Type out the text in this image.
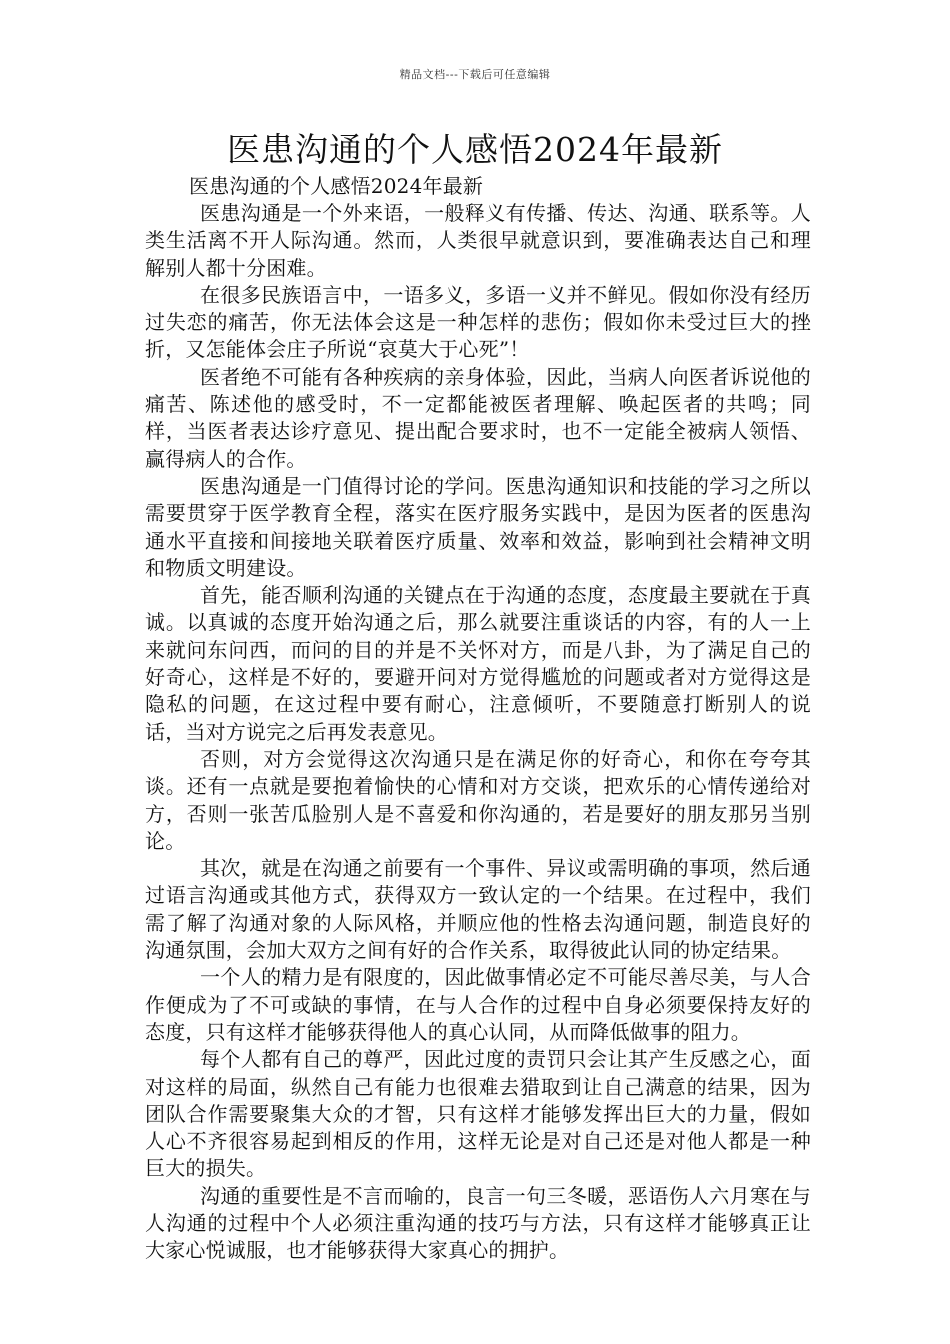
精品文档---下载后可任意编辑
医患沟通的个人感悟2024年最新

医患沟通的个人感悟2024年最新

医患沟通是一个外来语，一般释义有传播、传达、沟通、联系等。人类生活离不开人际沟通。然而，人类很早就意识到，要准确表达自己和理解别人都十分困难。

在很多民族语言中，一语多义，多语一义并不鲜见。假如你没有经历过失恋的痛苦，你无法体会这是一种怎样的悲伤；假如你未受过巨大的挫折，又怎能体会庄子所说“哀莫大于心死”！

医者绝不可能有各种疾病的亲身体验，因此，当病人向医者诉说他的痛苦、陈述他的感受时，不一定都能被医者理解、唤起医者的共鸣；同样，当医者表达诊疗意见、提出配合要求时，也不一定能全被病人领悟、赢得病人的合作。

医患沟通是一门值得讨论的学问。医患沟通知识和技能的学习之所以需要贯穿于医学教育全程，落实在医疗服务实践中，是因为医者的医患沟通水平直接和间接地关联着医疗质量、效率和效益，影响到社会精神文明和物质文明建设。

首先，能否顺利沟通的关键点在于沟通的态度，态度最主要就在于真诚。以真诚的态度开始沟通之后，那么就要注重谈话的内容，有的人一上来就问东问西，而问的目的并是不关怀对方，而是八卦，为了满足自己的好奇心，这样是不好的，要避开问对方觉得尴尬的问题或者对方觉得这是隐私的问题，在这过程中要有耐心，注意倾听，不要随意打断别人的说话，当对方说完之后再发表意见。

否则，对方会觉得这次沟通只是在满足你的好奇心，和你在夸夸其谈。还有一点就是要抱着愉快的心情和对方交谈，把欢乐的心情传递给对方，否则一张苦瓜脸别人是不喜爱和你沟通的，若是要好的朋友那另当别论。

其次，就是在沟通之前要有一个事件、异议或需明确的事项，然后通过语言沟通或其他方式，获得双方一致认定的一个结果。在过程中，我们需了解了沟通对象的人际风格，并顺应他的性格去沟通问题，制造良好的沟通氛围，会加大双方之间有好的合作关系，取得彼此认同的协定结果。

一个人的精力是有限度的，因此做事情必定不可能尽善尽美，与人合作便成为了不可或缺的事情，在与人合作的过程中自身必须要保持友好的态度，只有这样才能够获得他人的真心认同，从而降低做事的阻力。

每个人都有自己的尊严，因此过度的责罚只会让其产生反感之心，面对这样的局面，纵然自己有能力也很难去猎取到让自己满意的结果，因为团队合作需要聚集大众的才智，只有这样才能够发挥出巨大的力量，假如人心不齐很容易起到相反的作用，这样无论是对自己还是对他人都是一种巨大的损失。

沟通的重要性是不言而喻的，良言一句三冬暖，恶语伤人六月寒在与人沟通的过程中个人必须注重沟通的技巧与方法，只有这样才能够真正让大家心悦诚服，也才能够获得大家真心的拥护。
